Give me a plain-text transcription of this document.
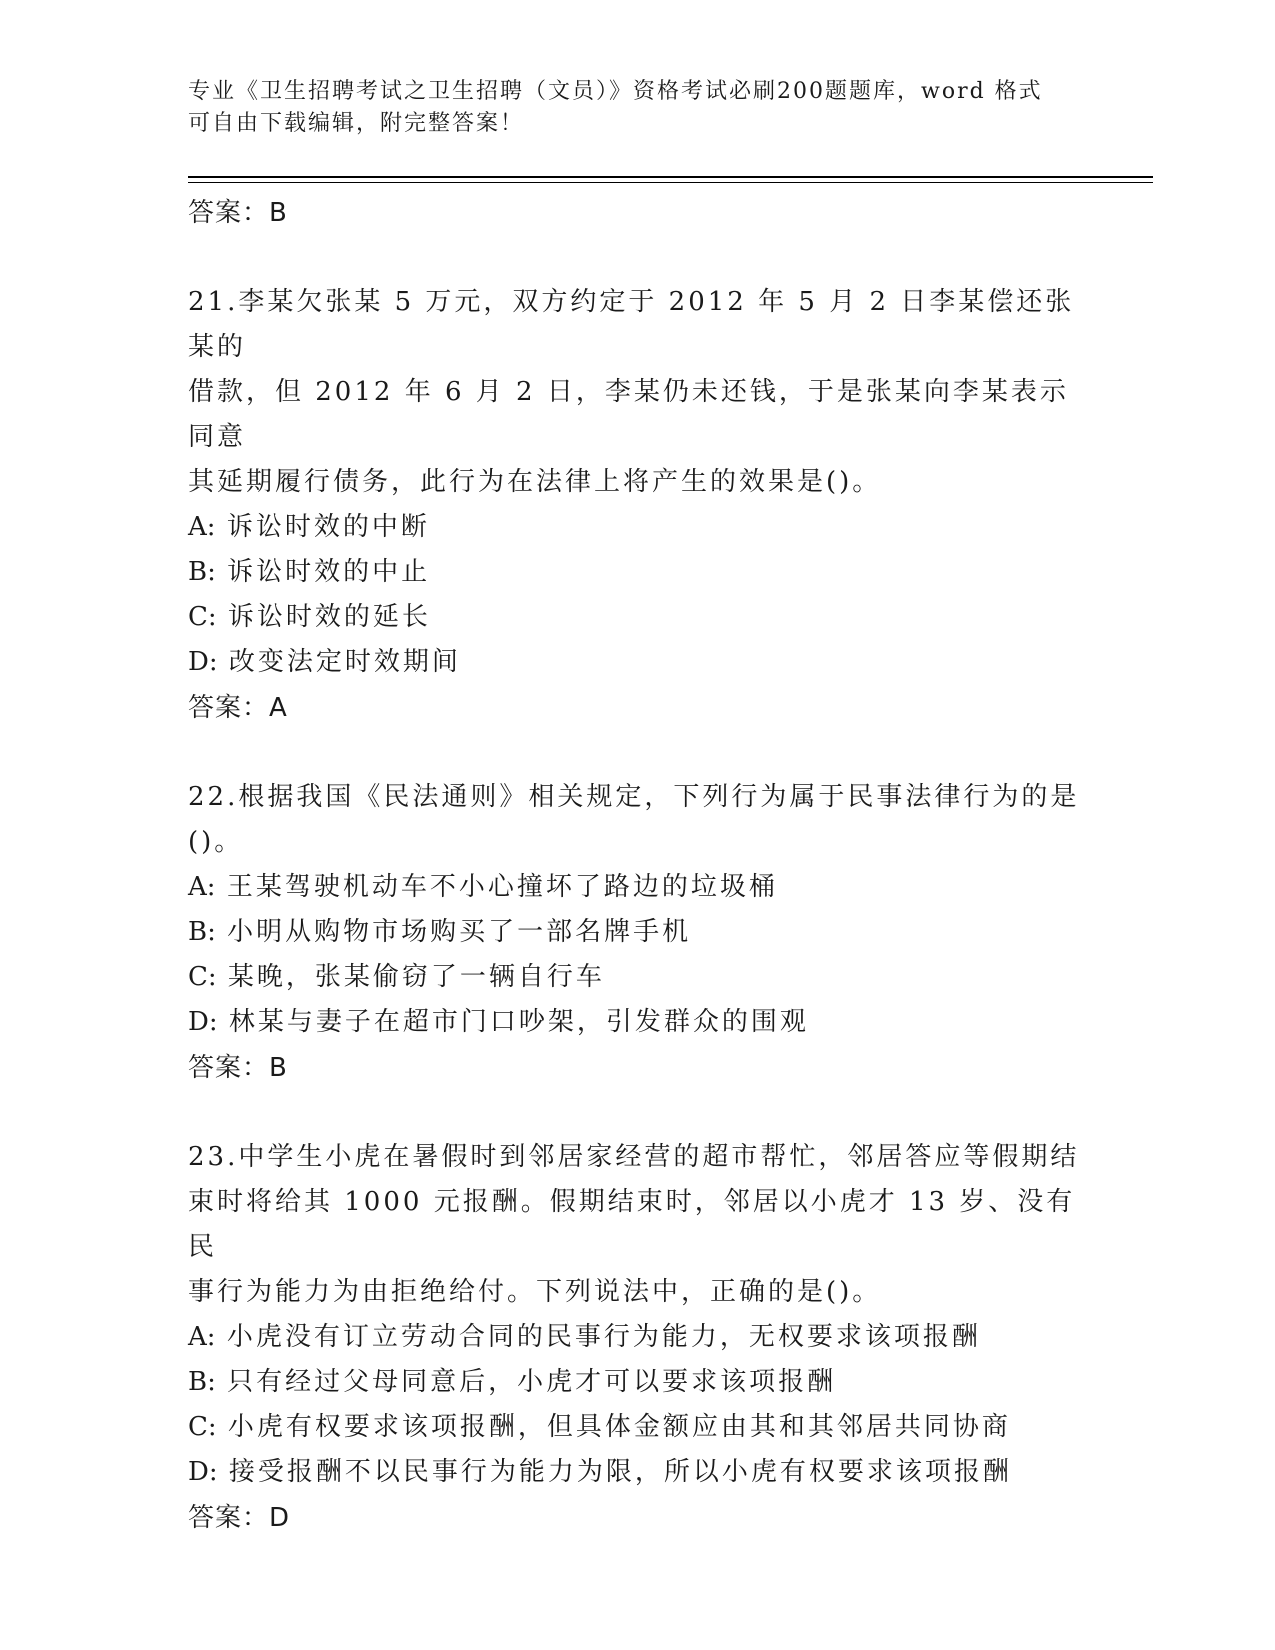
专业《卫生招聘考试之卫生招聘（文员）》资格考试必刷200题题库，word 格式
可自由下载编辑，附完整答案！
答案：B
21.李某欠张某 5 万元，双方约定于 2012 年 5 月 2 日李某偿还张某的
借款，但 2012 年 6 月 2 日，李某仍未还钱，于是张某向李某表示同意
其延期履行债务，此行为在法律上将产生的效果是()。
A: 诉讼时效的中断
B: 诉讼时效的中止
C: 诉讼时效的延长
D: 改变法定时效期间
答案：A
22.根据我国《民法通则》相关规定，下列行为属于民事法律行为的是
()。
A: 王某驾驶机动车不小心撞坏了路边的垃圾桶
B: 小明从购物市场购买了一部名牌手机
C: 某晚，张某偷窃了一辆自行车
D: 林某与妻子在超市门口吵架，引发群众的围观
答案：B
23.中学生小虎在暑假时到邻居家经营的超市帮忙，邻居答应等假期结
束时将给其 1000 元报酬。假期结束时，邻居以小虎才 13 岁、没有民
事行为能力为由拒绝给付。下列说法中，正确的是()。
A: 小虎没有订立劳动合同的民事行为能力，无权要求该项报酬
B: 只有经过父母同意后，小虎才可以要求该项报酬
C: 小虎有权要求该项报酬，但具体金额应由其和其邻居共同协商
D: 接受报酬不以民事行为能力为限，所以小虎有权要求该项报酬
答案：D
